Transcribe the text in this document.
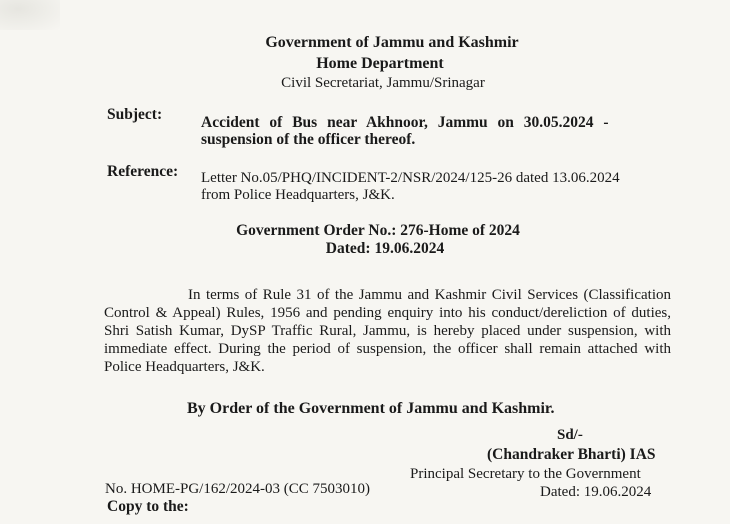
Government of Jammu and Kashmir
Home Department
Civil Secretariat, Jammu/Srinagar
Subject:	Accident of Bus near Akhnoor, Jammu on 30.05.2024 -
suspension of the officer thereof.
Reference: Letter No.05/PHQ/INCIDENT-2/NSR/2024/125-26 dated 13.06.2024
from Police Headquarters, J&K.
Government Order No.: 276-Home of 2024
Dated: 19.06.2024
In terms of Rule 31 of the Jammu and Kashmir Civil Services (Classification Control & Appeal) Rules, 1956 and pending enquiry into his conduct/dereliction of duties, Shri Satish Kumar, DySP Traffic Rural, Jammu, is hereby placed under suspension, with immediate effect. During the period of suspension, the officer shall remain attached with Police Headquarters, J&K.
By Order of the Government of Jammu and Kashmir.
Sd/-
(Chandraker Bharti) IAS
Principal Secretary to the Government
Dated: 19.06.2024
No. HOME-PG/162/2024-03 (CC 7503010)
Copy to the:
